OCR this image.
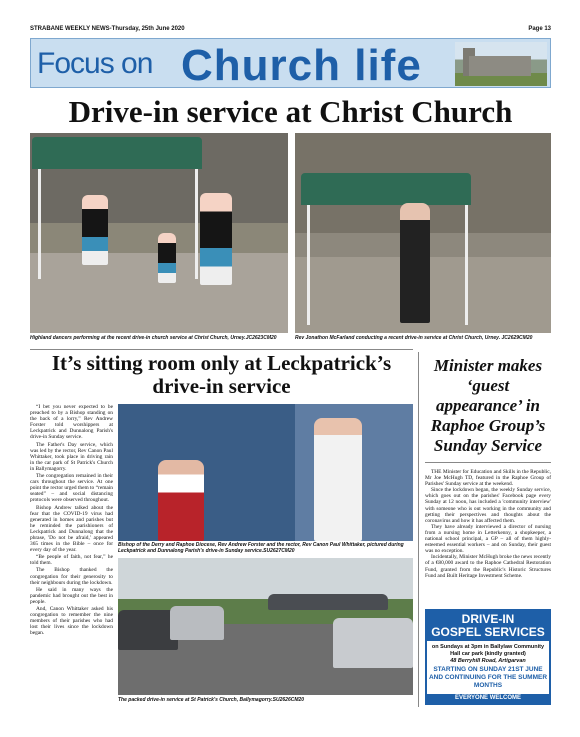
STRABANE WEEKLY NEWS-Thursday, 25th June 2020	Page 13
Focus on Church life
Drive-in service at Christ Church
Highland dancers performing at the recent drive-in church service at Christ Church, Urney.JC2623CM20	Rev Jonathon McFarland conducting a recent drive-in service at Christ Church, Urney. JC2629CM20
It’s sitting room only at Leckpatrick’s drive-in service

“I bet you never expected to be preached to by a Bishop standing on the back of a lorry,” Rev Andrew Forster told worshippers at Leckpatrick and Dunnalong Parish's drive-in Sunday service.

The Father's Day service, which was led by the rector, Rev Canon Paul Whittaker, took place in driving rain in the car park of St Patrick's Church in Ballymagorry.

The congregation remained in their cars throughout the service. At one point the rector urged them to “remain seated” – and social distancing protocols were observed throughout.

Bishop Andrew talked about the fear that the COVID-19 virus had generated in homes and parishes but he reminded the parishioners of Leckpatrick and Dunnalong that the phrase, 'Do not be afraid,' appeared 365 times in the Bible – once for every day of the year.

“Be people of faith, not fear,” he told them.

The Bishop thanked the congregation for their generosity to their neighbours during the lockdown.

He said in many ways the pandemic had brought out the best in people.

And, Canon Whittaker asked his congregation to remember the nine members of their parishes who had lost their lives since the lockdown began.

Bishop of the Derry and Raphoe Diocese, Rev Andrew Forster and the rector, Rev Canon Paul Whittaker, pictured during Leckpatrick and Dunnalong Parish's drive-in Sunday service.SU2627CM20
The packed drive-in service at St Patrick's Church, Ballymagorry.SU2626CM20
Minister makes ‘guest appearance’ in Raphoe Group’s Sunday Service

THE Minister for Education and Skills in the Republic, Mr Joe McHugh TD, featured in the Raphoe Group of Parishes' Sunday service at the weekend.

Since the lockdown began, the weekly Sunday service, which goes out on the parishes' Facebook page every Sunday at 12 noon, has included a 'community interview' with someone who is out working in the community and getting their perspectives and thoughts about the coronavirus and how it has affected them.

They have already interviewed a director of nursing from a nursing home in Letterkenny, a shopkeeper, a national school principal, a GP – all of them highly-esteemed essential workers – and on Sunday, their guest was no exception.

Incidentally, Minister McHugh broke the news recently of a €80,000 award to the Raphoe Cathedral Restoration Fund, granted from the Republic's Historic Structures Fund and Built Heritage Investment Scheme.

DRIVE-IN
GOSPEL SERVICES
on Sundays at 3pm in Ballylaw Community Hall car park (kindly granted)
48 Berryhill Road, Artigarvan
STARTING ON SUNDAY 21ST JUNE AND CONTINUING FOR THE SUMMER MONTHS
EVERYONE WELCOME
